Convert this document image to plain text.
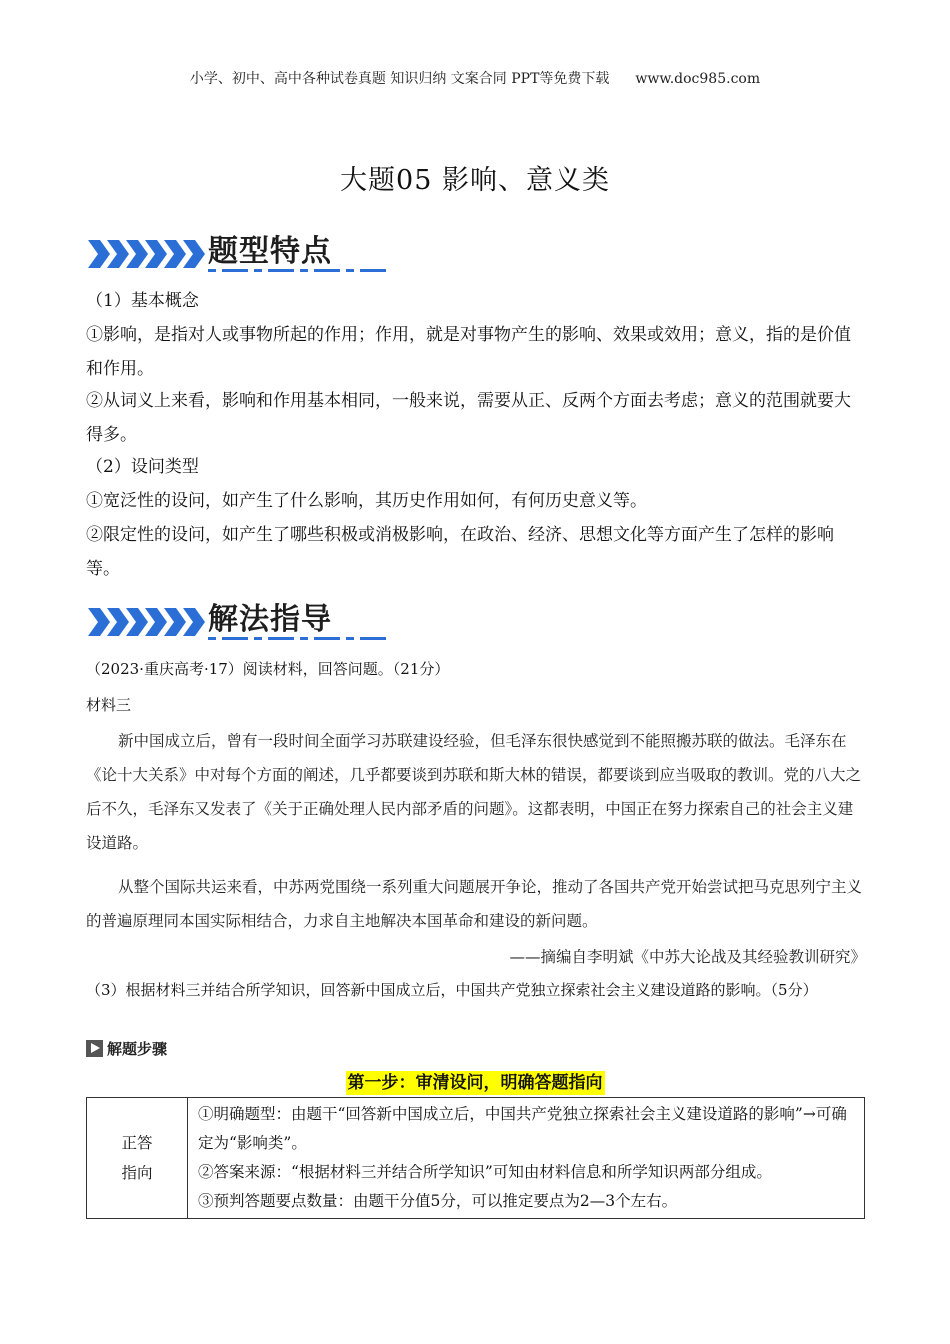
小学、初中、高中各种试卷真题 知识归纳 文案合同 PPT等免费下载 www.doc985.com
大题05 影响、意义类
题型特点
（1）基本概念
①影响，是指对人或事物所起的作用；作用，就是对事物产生的影响、效果或效用；意义，指的是价值和作用。
②从词义上来看，影响和作用基本相同，一般来说，需要从正、反两个方面去考虑；意义的范围就要大得多。
（2）设问类型
①宽泛性的设问，如产生了什么影响，其历史作用如何，有何历史意义等。
②限定性的设问，如产生了哪些积极或消极影响，在政治、经济、思想文化等方面产生了怎样的影响等。
解法指导
（2023·重庆高考·17）阅读材料，回答问题。（21分）
材料三
新中国成立后，曾有一段时间全面学习苏联建设经验，但毛泽东很快感觉到不能照搬苏联的做法。毛泽东在《论十大关系》中对每个方面的阐述，几乎都要谈到苏联和斯大林的错误，都要谈到应当吸取的教训。党的八大之后不久，毛泽东又发表了《关于正确处理人民内部矛盾的问题》。这都表明，中国正在努力探索自己的社会主义建设道路。
从整个国际共运来看，中苏两党围绕一系列重大问题展开争论，推动了各国共产党开始尝试把马克思列宁主义的普遍原理同本国实际相结合，力求自主地解决本国革命和建设的新问题。
——摘编自李明斌《中苏大论战及其经验教训研究》
（3）根据材料三并结合所学知识，回答新中国成立后，中国共产党独立探索社会主义建设道路的影响。（5分）
解题步骤
第一步：审清设问，明确答题指向
正答
指向

①明确题型：由题干“回答新中国成立后，中国共产党独立探索社会主义建设道路的影响”→可确定为“影响类”。
②答案来源：“根据材料三并结合所学知识”可知由材料信息和所学知识两部分组成。
③预判答题要点数量：由题干分值5分，可以推定要点为2—3个左右。
